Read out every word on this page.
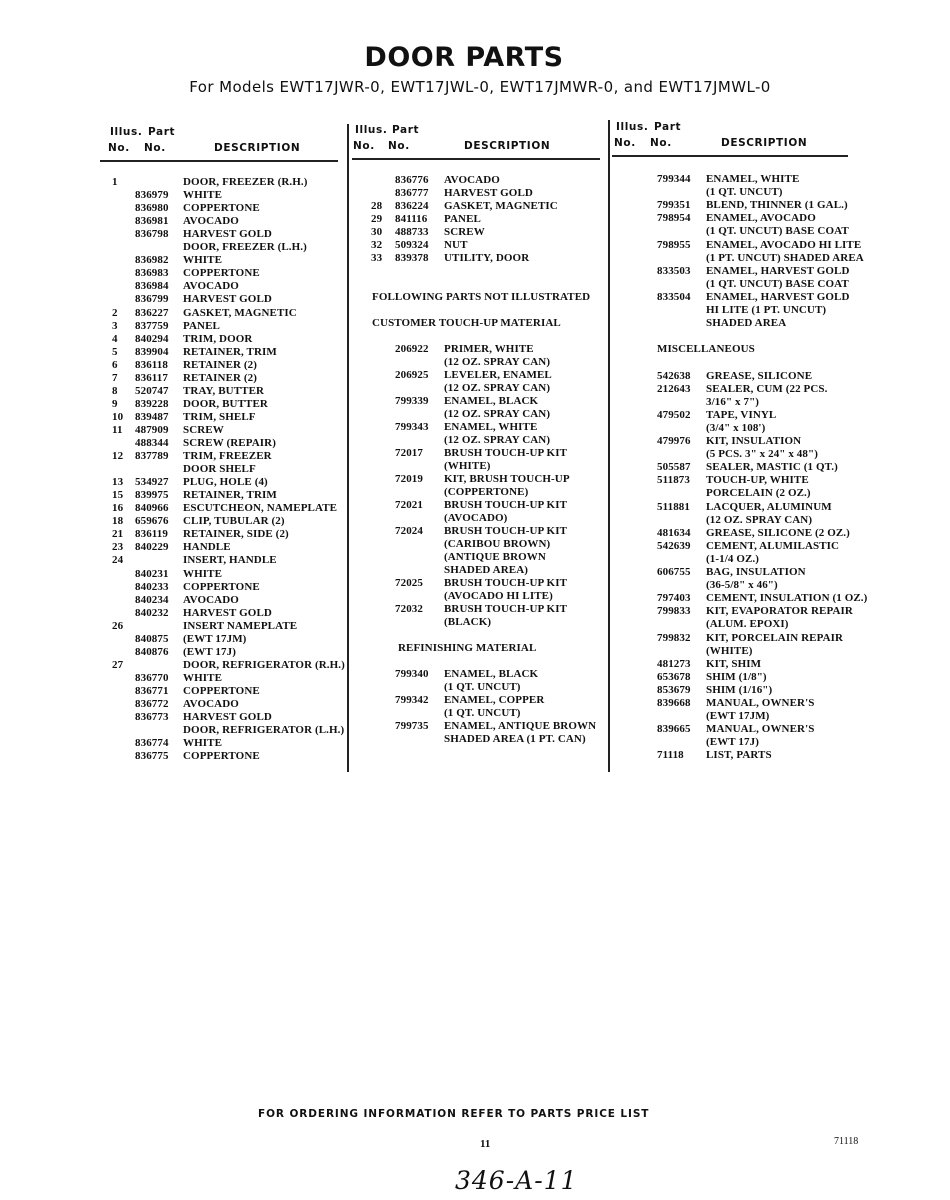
DOOR PARTS
For Models EWT17JWR-0, EWT17JWL-0, EWT17JMWR-0, and EWT17JMWL-0
Illus. Part
No. No.	DESCRIPTION
Illus. Part
No. No.	DESCRIPTION
Illus. Part
No. No.	DESCRIPTION
1	DOOR, FREEZER (R.H.)
836979 WHITE
836980 COPPERTONE
836981 AVOCADO
836798 HARVEST GOLD
DOOR, FREEZER (L.H.)
836982 WHITE
836983 COPPERTONE
836984 AVOCADO
836799 HARVEST GOLD
2 836227 GASKET, MAGNETIC
3 837759 PANEL
4 840294 TRIM, DOOR
5 839904 RETAINER, TRIM
6 836118 RETAINER (2)
7 836117 RETAINER (2)
8 520747 TRAY, BUTTER
9 839228 DOOR, BUTTER
10 839487 TRIM, SHELF
11 487909 SCREW
488344 SCREW (REPAIR)
12 837789 TRIM, FREEZER
DOOR SHELF
13 534927 PLUG, HOLE (4)
15 839975 RETAINER, TRIM
16 840966 ESCUTCHEON, NAMEPLATE
18 659676 CLIP, TUBULAR (2)
21 836119 RETAINER, SIDE (2)
23 840229 HANDLE
24	INSERT, HANDLE
840231 WHITE
840233 COPPERTONE
840234 AVOCADO
840232 HARVEST GOLD
26	INSERT NAMEPLATE
840875 (EWT 17JM)
840876 (EWT 17J)
27	DOOR, REFRIGERATOR (R.H.)
836770 WHITE
836771 COPPERTONE
836772 AVOCADO
836773 HARVEST GOLD
DOOR, REFRIGERATOR (L.H.)
836774 WHITE
836775 COPPERTONE
836776 AVOCADO
836777 HARVEST GOLD
28 836224 GASKET, MAGNETIC
29 841116 PANEL
30 488733 SCREW
32 509324 NUT
33 839378 UTILITY, DOOR
FOLLOWING PARTS NOT ILLUSTRATED
CUSTOMER TOUCH-UP MATERIAL
206922 PRIMER, WHITE
(12 OZ. SPRAY CAN)
206925 LEVELER, ENAMEL
(12 OZ. SPRAY CAN)
799339 ENAMEL, BLACK
(12 OZ. SPRAY CAN)
799343 ENAMEL, WHITE
(12 OZ. SPRAY CAN)
72017 BRUSH TOUCH-UP KIT
(WHITE)
72019 KIT, BRUSH TOUCH-UP
(COPPERTONE)
72021 BRUSH TOUCH-UP KIT
(AVOCADO)
72024 BRUSH TOUCH-UP KIT
(CARIBOU BROWN)
(ANTIQUE BROWN
SHADED AREA)
72025 BRUSH TOUCH-UP KIT
(AVOCADO HI LITE)
72032 BRUSH TOUCH-UP KIT
(BLACK)
REFINISHING MATERIAL
799340 ENAMEL, BLACK
(1 QT. UNCUT)
799342 ENAMEL, COPPER
(1 QT. UNCUT)
799735 ENAMEL, ANTIQUE BROWN
SHADED AREA (1 PT. CAN)
799344 ENAMEL, WHITE
(1 QT. UNCUT)
799351 BLEND, THINNER (1 GAL.)
798954 ENAMEL, AVOCADO
(1 QT. UNCUT) BASE COAT
798955 ENAMEL, AVOCADO HI LITE
(1 PT. UNCUT) SHADED AREA
833503 ENAMEL, HARVEST GOLD
(1 QT. UNCUT) BASE COAT
833504 ENAMEL, HARVEST GOLD
HI LITE (1 PT. UNCUT)
SHADED AREA
MISCELLANEOUS
542638 GREASE, SILICONE
212643 SEALER, CUM (22 PCS.
3/16" x 7")
479502 TAPE, VINYL
(3/4" x 108')
479976 KIT, INSULATION
(5 PCS. 3" x 24" x 48")
505587 SEALER, MASTIC (1 QT.)
511873 TOUCH-UP, WHITE
PORCELAIN (2 OZ.)
511881 LACQUER, ALUMINUM
(12 OZ. SPRAY CAN)
481634 GREASE, SILICONE (2 OZ.)
542639 CEMENT, ALUMILASTIC
(1-1/4 OZ.)
606755 BAG, INSULATION
(36-5/8" x 46")
797403 CEMENT, INSULATION (1 OZ.)
799833 KIT, EVAPORATOR REPAIR
(ALUM. EPOXI)
799832 KIT, PORCELAIN REPAIR
(WHITE)
481273 KIT, SHIM
653678 SHIM (1/8")
853679 SHIM (1/16")
839668 MANUAL, OWNER'S
(EWT 17JM)
839665 MANUAL, OWNER'S
(EWT 17J)
71118 LIST, PARTS
FOR ORDERING INFORMATION REFER TO PARTS PRICE LIST
11	71118
346-A-11
